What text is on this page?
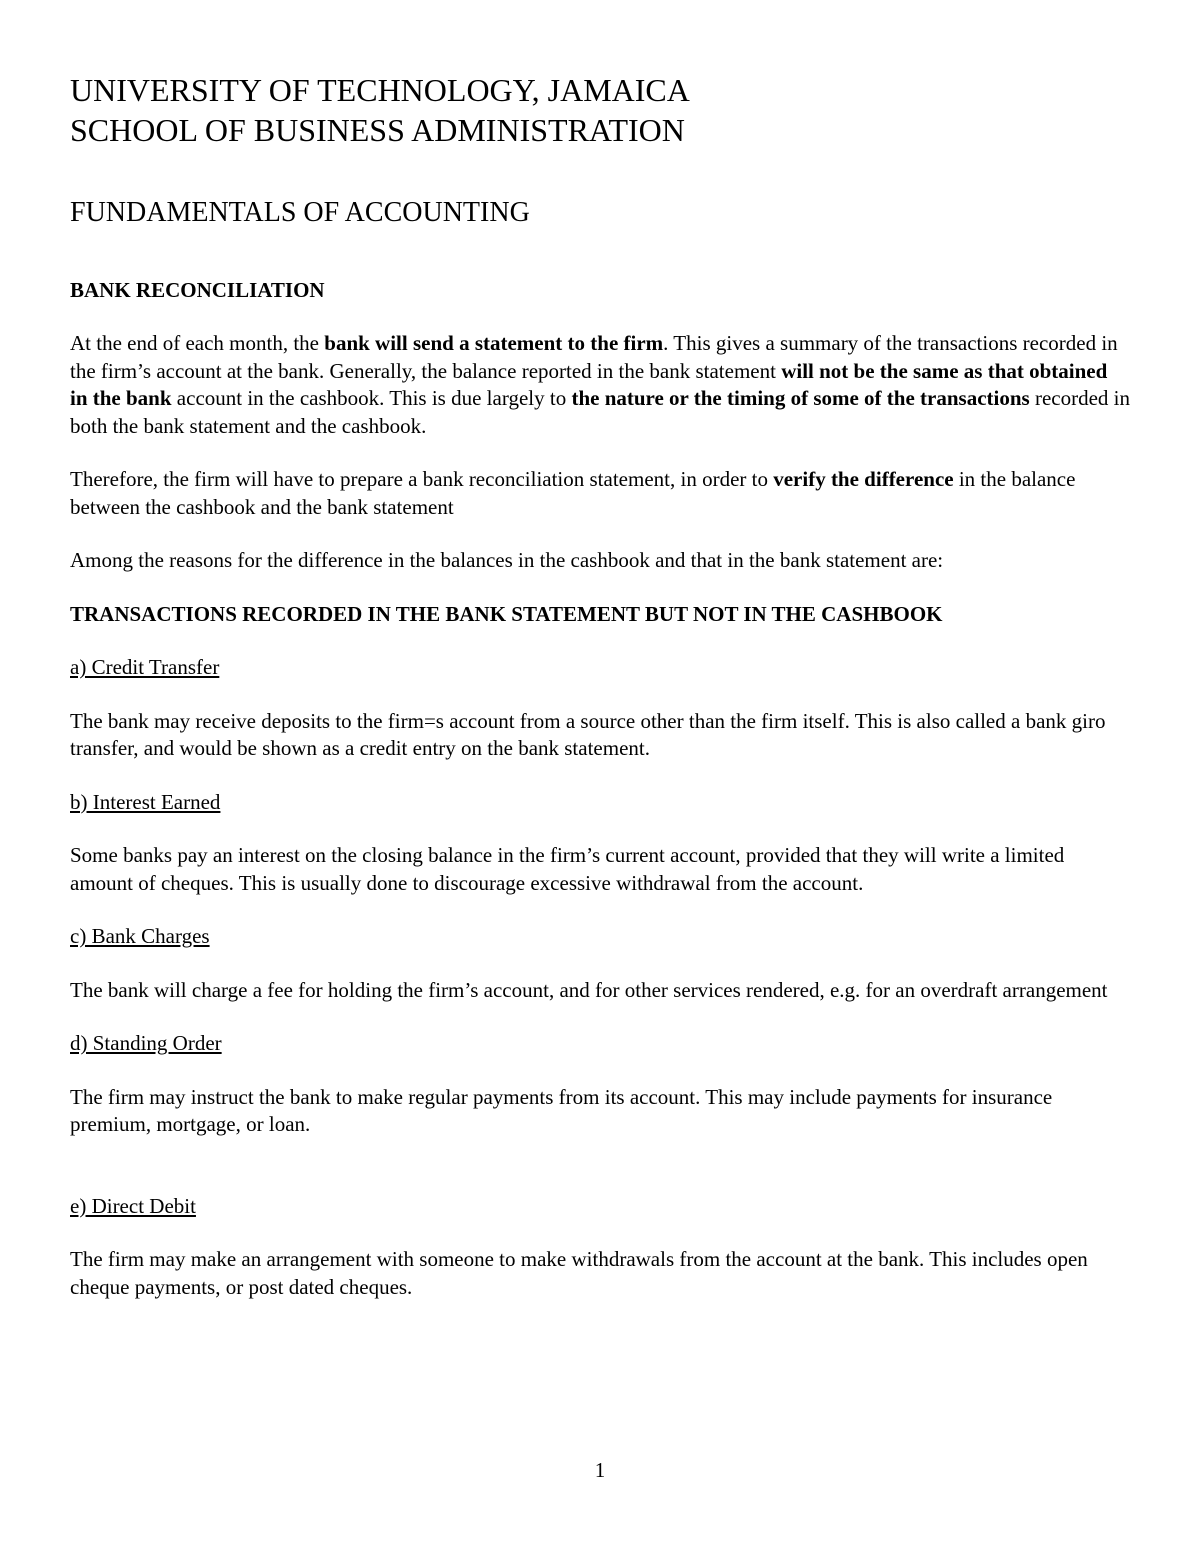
UNIVERSITY OF TECHNOLOGY, JAMAICA
SCHOOL OF BUSINESS ADMINISTRATION
FUNDAMENTALS OF ACCOUNTING
BANK RECONCILIATION

At the end of each month, the bank will send a statement to the firm. This gives a summary of the transactions recorded in the firm’s account at the bank. Generally, the balance reported in the bank statement will not be the same as that obtained in the bank account in the cashbook. This is due largely to the nature or the timing of some of the transactions recorded in both the bank statement and the cashbook.

Therefore, the firm will have to prepare a bank reconciliation statement, in order to verify the difference in the balance between the cashbook and the bank statement

Among the reasons for the difference in the balances in the cashbook and that in the bank statement are:

TRANSACTIONS RECORDED IN THE BANK STATEMENT BUT NOT IN THE CASHBOOK

a) Credit Transfer

The bank may receive deposits to the firm=s account from a source other than the firm itself. This is also called a bank giro transfer, and would be shown as a credit entry on the bank statement.

b) Interest Earned

Some banks pay an interest on the closing balance in the firm’s current account, provided that they will write a limited amount of cheques. This is usually done to discourage excessive withdrawal from the account.

c) Bank Charges

The bank will charge a fee for holding the firm’s account, and for other services rendered, e.g. for an overdraft arrangement

d) Standing Order

The firm may instruct the bank to make regular payments from its account. This may include payments for insurance premium, mortgage, or loan.

e) Direct Debit

The firm may make an arrangement with someone to make withdrawals from the account at the bank. This includes open cheque payments, or post dated cheques.

1
